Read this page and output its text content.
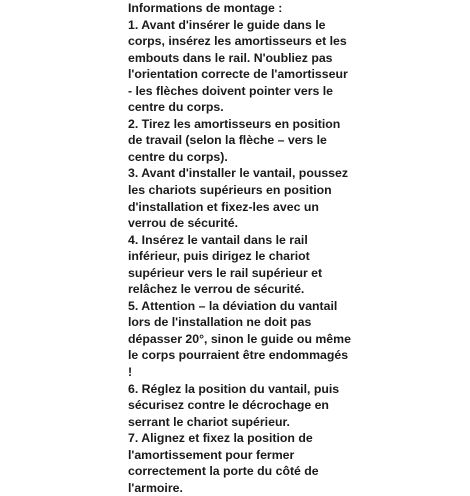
Informations de montage :
1. Avant d'insérer le guide dans le
corps, insérez les amortisseurs et les
embouts dans le rail. N'oubliez pas
l'orientation correcte de l'amortisseur
- les flèches doivent pointer vers le
centre du corps.
2. Tirez les amortisseurs en position
de travail (selon la flèche – vers le
centre du corps).
3. Avant d'installer le vantail, poussez
les chariots supérieurs en position
d'installation et fixez-les avec un
verrou de sécurité.
4. Insérez le vantail dans le rail
inférieur, puis dirigez le chariot
supérieur vers le rail supérieur et
relâchez le verrou de sécurité.
5. Attention – la déviation du vantail
lors de l'installation ne doit pas
dépasser 20°, sinon le guide ou même
le corps pourraient être endommagés
!
6. Réglez la position du vantail, puis
sécurisez contre le décrochage en
serrant le chariot supérieur.
7. Alignez et fixez la position de
l'amortissement pour fermer
correctement la porte du côté de
l'armoire.
